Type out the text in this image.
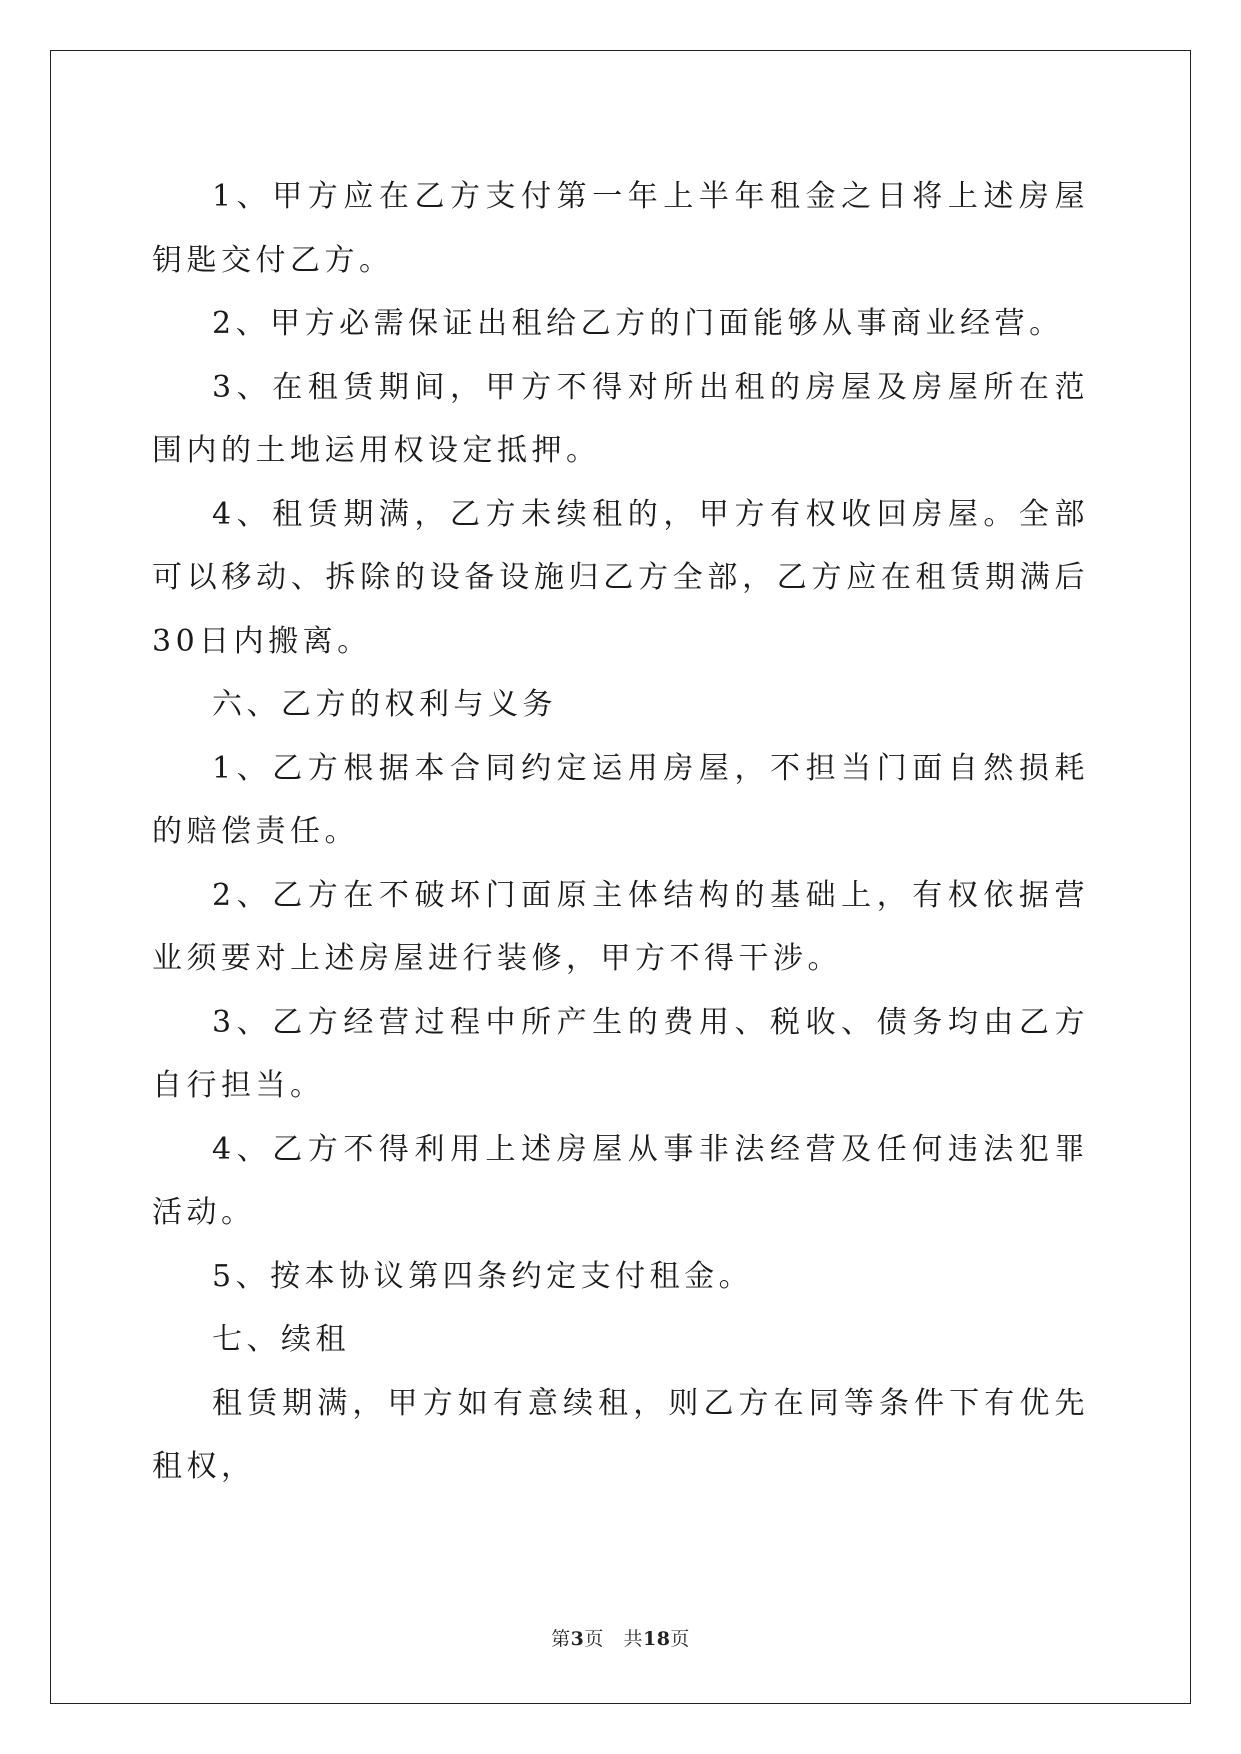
1、甲方应在乙方支付第一年上半年租金之日将上述房屋钥匙交付乙方。

2、甲方必需保证出租给乙方的门面能够从事商业经营。

3、在租赁期间，甲方不得对所出租的房屋及房屋所在范围内的土地运用权设定抵押。

4、租赁期满，乙方未续租的，甲方有权收回房屋。全部可以移动、拆除的设备设施归乙方全部，乙方应在租赁期满后30日内搬离。

六、乙方的权利与义务

1、乙方根据本合同约定运用房屋，不担当门面自然损耗的赔偿责任。

2、乙方在不破坏门面原主体结构的基础上，有权依据营业须要对上述房屋进行装修，甲方不得干涉。

3、乙方经营过程中所产生的费用、税收、债务均由乙方自行担当。

4、乙方不得利用上述房屋从事非法经营及任何违法犯罪活动。

5、按本协议第四条约定支付租金。

七、续租

租赁期满，甲方如有意续租，则乙方在同等条件下有优先租权，

第3页 共18页
